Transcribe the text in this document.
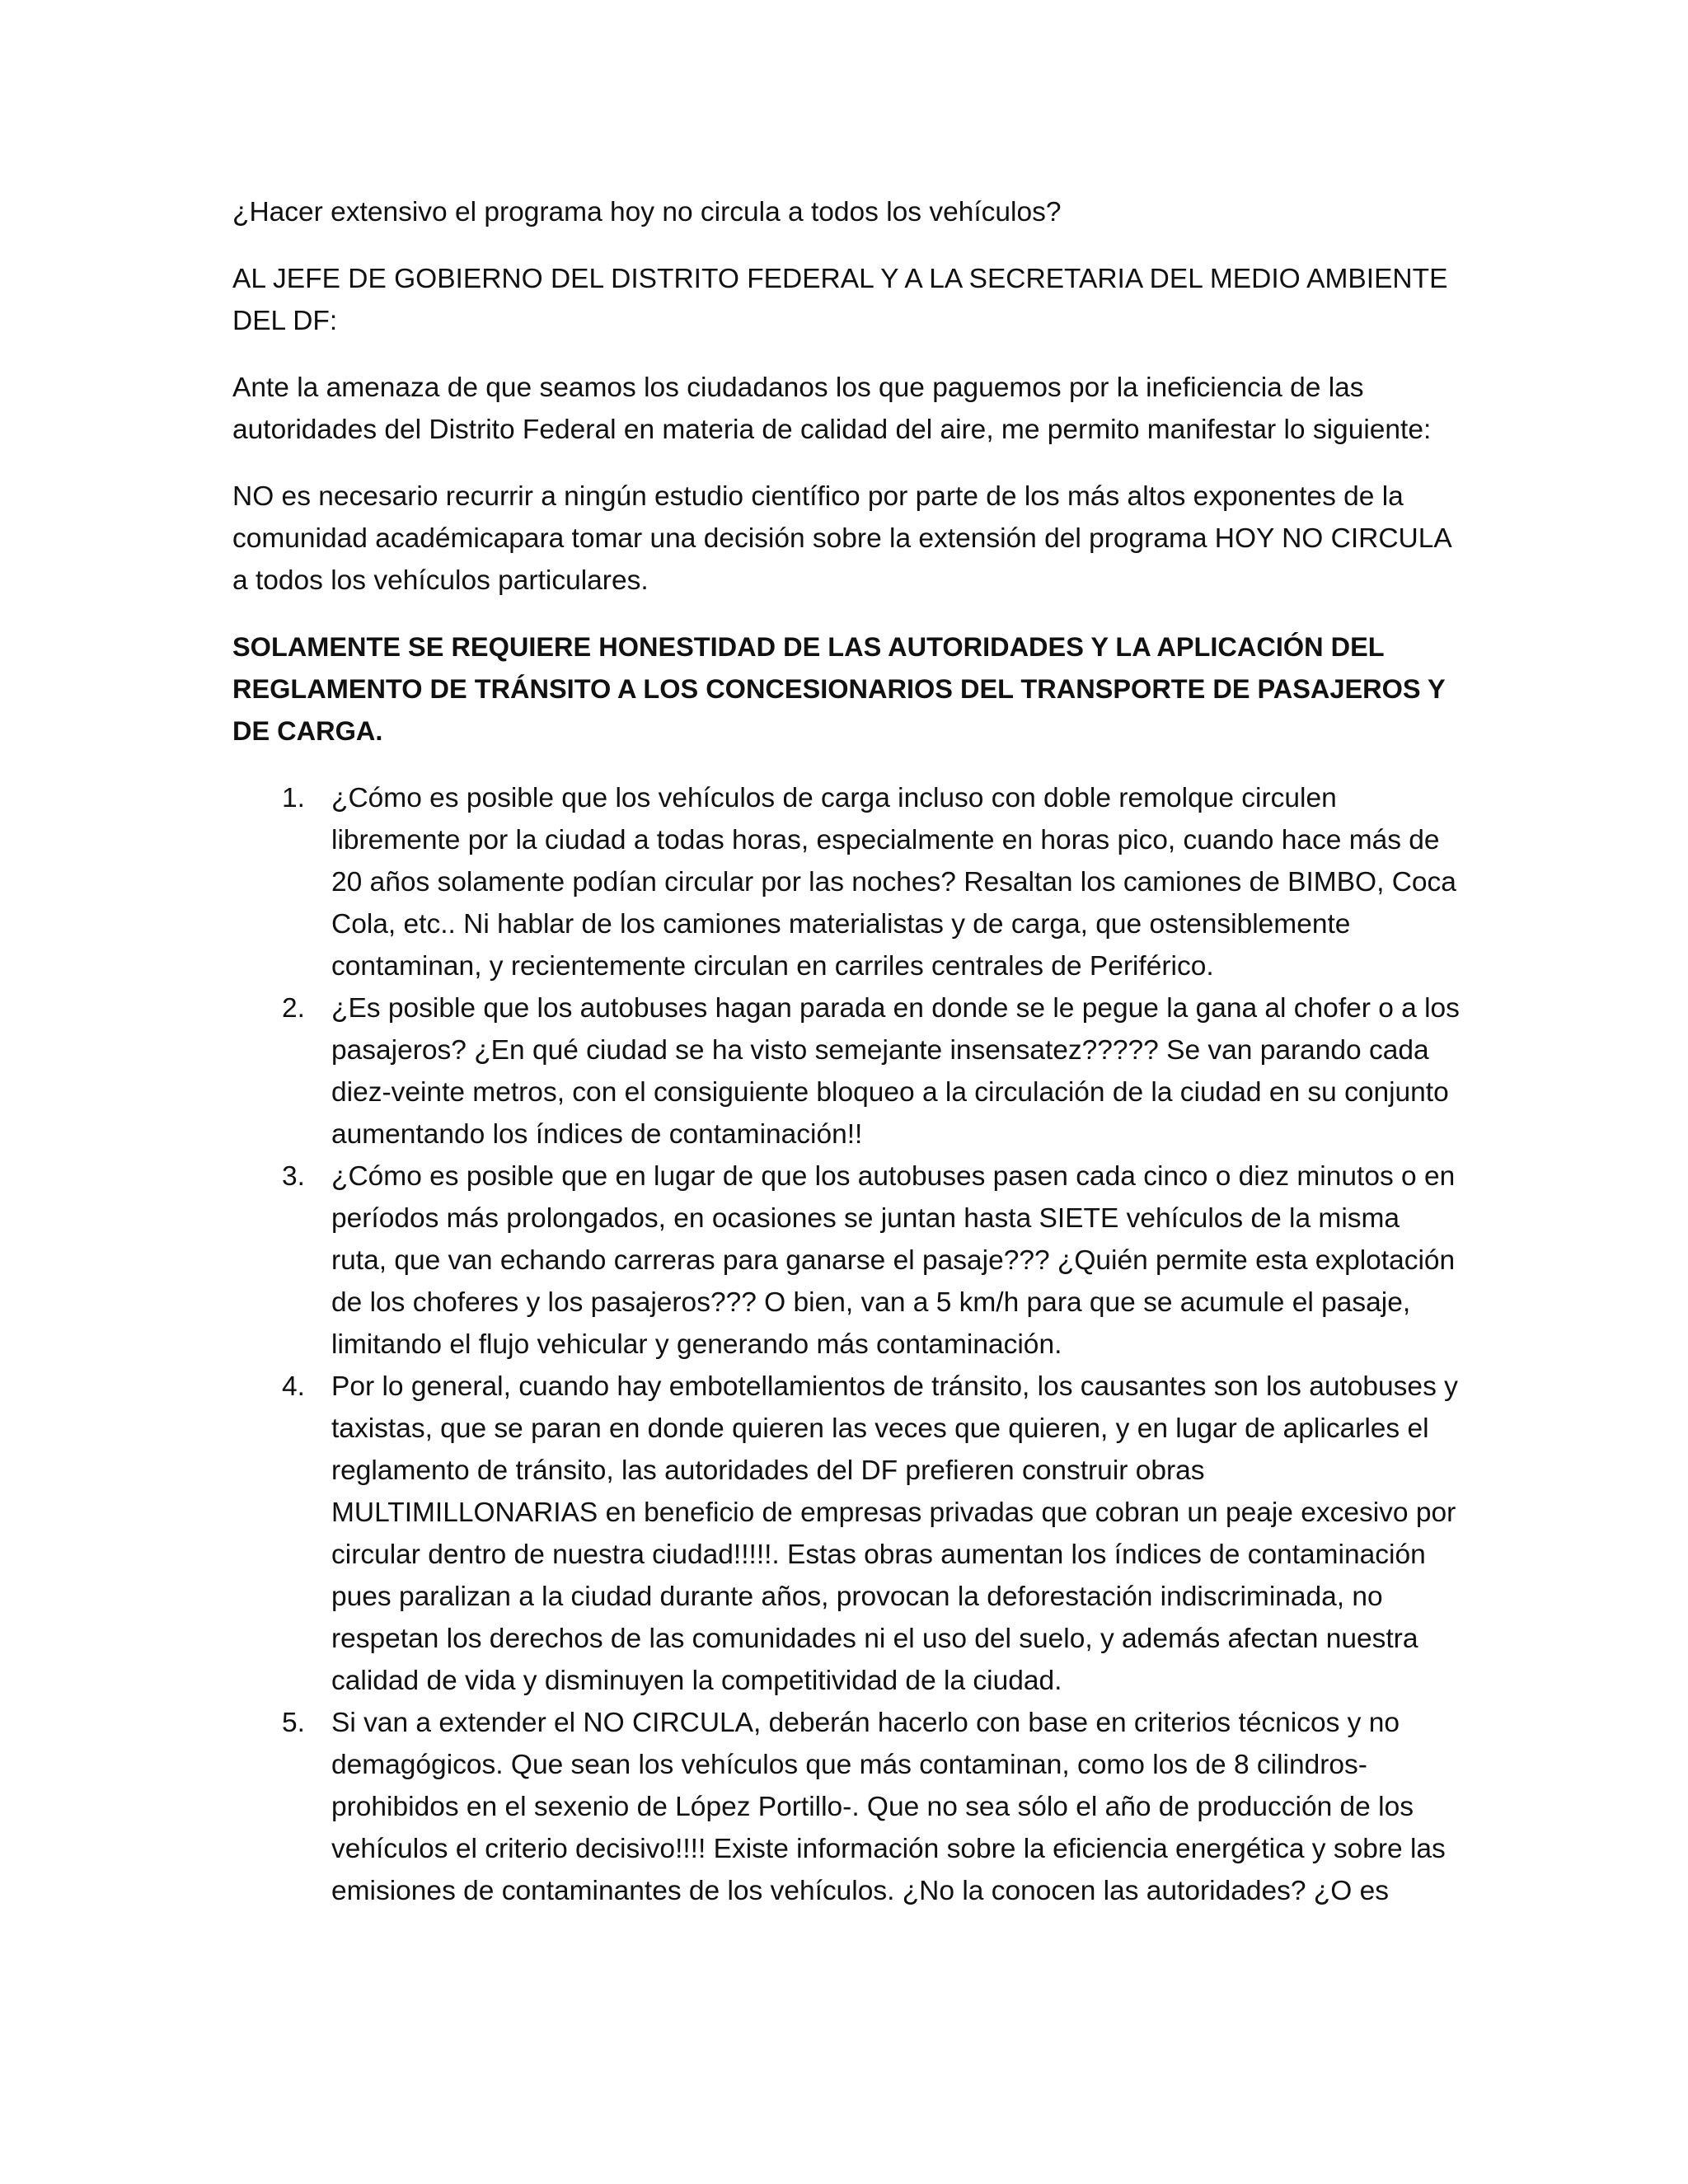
¿Hacer extensivo el programa hoy no circula a todos los vehículos?

AL JEFE DE GOBIERNO DEL DISTRITO FEDERAL Y A LA SECRETARIA DEL MEDIO AMBIENTE DEL DF:

Ante la amenaza de que seamos los ciudadanos los que paguemos por la ineficiencia de las autoridades del Distrito Federal en materia de calidad del aire, me permito manifestar lo siguiente:

NO es necesario recurrir a ningún estudio científico por parte de los más altos exponentes de la comunidad académicapara tomar una decisión sobre la extensión del programa HOY NO CIRCULA a todos los vehículos particulares.

SOLAMENTE SE REQUIERE HONESTIDAD DE LAS AUTORIDADES Y LA APLICACIÓN DEL REGLAMENTO DE TRÁNSITO A LOS CONCESIONARIOS DEL TRANSPORTE DE PASAJEROS Y DE CARGA.

1. ¿Cómo es posible que los vehículos de carga incluso con doble remolque circulen libremente por la ciudad a todas horas, especialmente en horas pico, cuando hace más de 20 años solamente podían circular por las noches? Resaltan los camiones de BIMBO, Coca Cola, etc.. Ni hablar de los camiones materialistas y de carga, que ostensiblemente contaminan, y recientemente circulan en carriles centrales de Periférico.
2. ¿Es posible que los autobuses hagan parada en donde se le pegue la gana al chofer o a los pasajeros? ¿En qué ciudad se ha visto semejante insensatez????? Se van parando cada diez-veinte metros, con el consiguiente bloqueo a la circulación de la ciudad en su conjunto aumentando los índices de contaminación!!
3. ¿Cómo es posible que en lugar de que los autobuses pasen cada cinco o diez minutos o en períodos más prolongados, en ocasiones se juntan hasta SIETE vehículos de la misma ruta, que van echando carreras para ganarse el pasaje??? ¿Quién permite esta explotación de los choferes y los pasajeros??? O bien, van a 5 km/h para que se acumule el pasaje, limitando el flujo vehicular y generando más contaminación.
4. Por lo general, cuando hay embotellamientos de tránsito, los causantes son los autobuses y taxistas, que se paran en donde quieren las veces que quieren, y en lugar de aplicarles el reglamento de tránsito, las autoridades del DF prefieren construir obras MULTIMILLONARIAS en beneficio de empresas privadas que cobran un peaje excesivo por circular dentro de nuestra ciudad!!!!!. Estas obras aumentan los índices de contaminación pues paralizan a la ciudad durante años, provocan la deforestación indiscriminada, no respetan los derechos de las comunidades ni el uso del suelo, y además afectan nuestra calidad de vida y disminuyen la competitividad de la ciudad.
5. Si van a extender el NO CIRCULA, deberán hacerlo con base en criterios técnicos y no demagógicos. Que sean los vehículos que más contaminan, como los de 8 cilindros- prohibidos en el sexenio de López Portillo-. Que no sea sólo el año de producción de los vehículos el criterio decisivo!!!! Existe información sobre la eficiencia energética y sobre las emisiones de contaminantes de los vehículos. ¿No la conocen las autoridades? ¿O es
